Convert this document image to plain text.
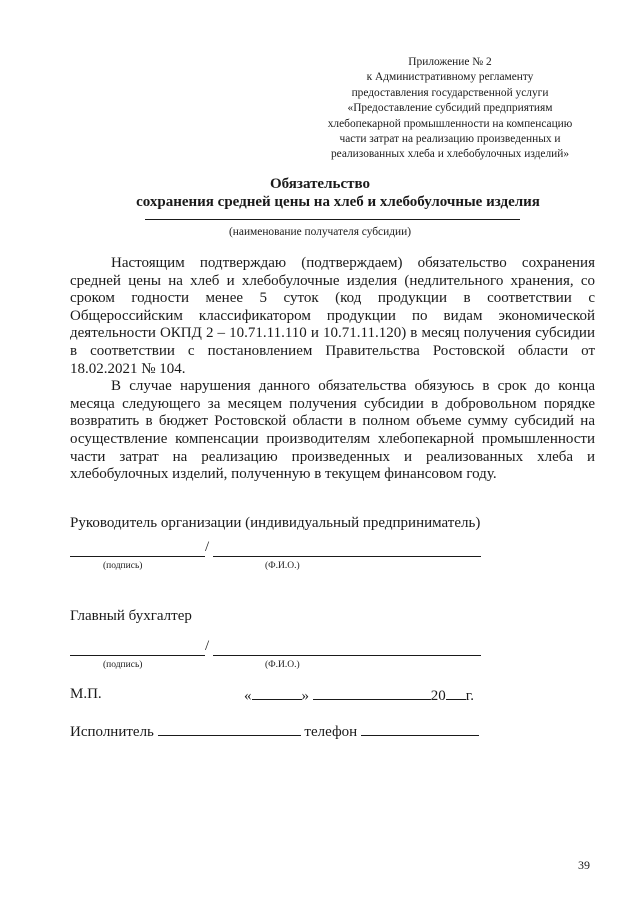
Приложение № 2
к Административному регламенту
предоставления государственной услуги
«Предоставление субсидий предприятиям
хлебопекарной промышленности на компенсацию
части затрат на реализацию произведенных и
реализованных хлеба и хлебобулочных изделий»
Обязательство
сохранения средней цены на хлеб и хлебобулочные изделия
(наименование получателя субсидии)

Настоящим подтверждаю (подтверждаем) обязательство сохранения средней цены на хлеб и хлебобулочные изделия (недлительного хранения, со сроком годности менее 5 суток (код продукции в соответствии с Общероссийским классификатором продукции по видам экономической деятельности ОКПД 2 – 10.71.11.110 и 10.71.11.120) в месяц получения субсидии в соответствии с постановлением Правительства Ростовской области от 18.02.2021 № 104.

В случае нарушения данного обязательства обязуюсь в срок до конца месяца следующего за месяцем получения субсидии в добровольном порядке возвратить в бюджет Ростовской области в полном объеме сумму субсидий на осуществление компенсации производителям хлебопекарной промышленности части затрат на реализацию произведенных и реализованных хлеба и хлебобулочных изделий, полученную в текущем финансовом году.

Руководитель организации (индивидуальный предприниматель)
/
(подпись)	(Ф.И.О.)
Главный бухгалтер
/
(подпись)	(Ф.И.О.)
М.П.	«	»	20 г.
Исполнитель	телефон
39
